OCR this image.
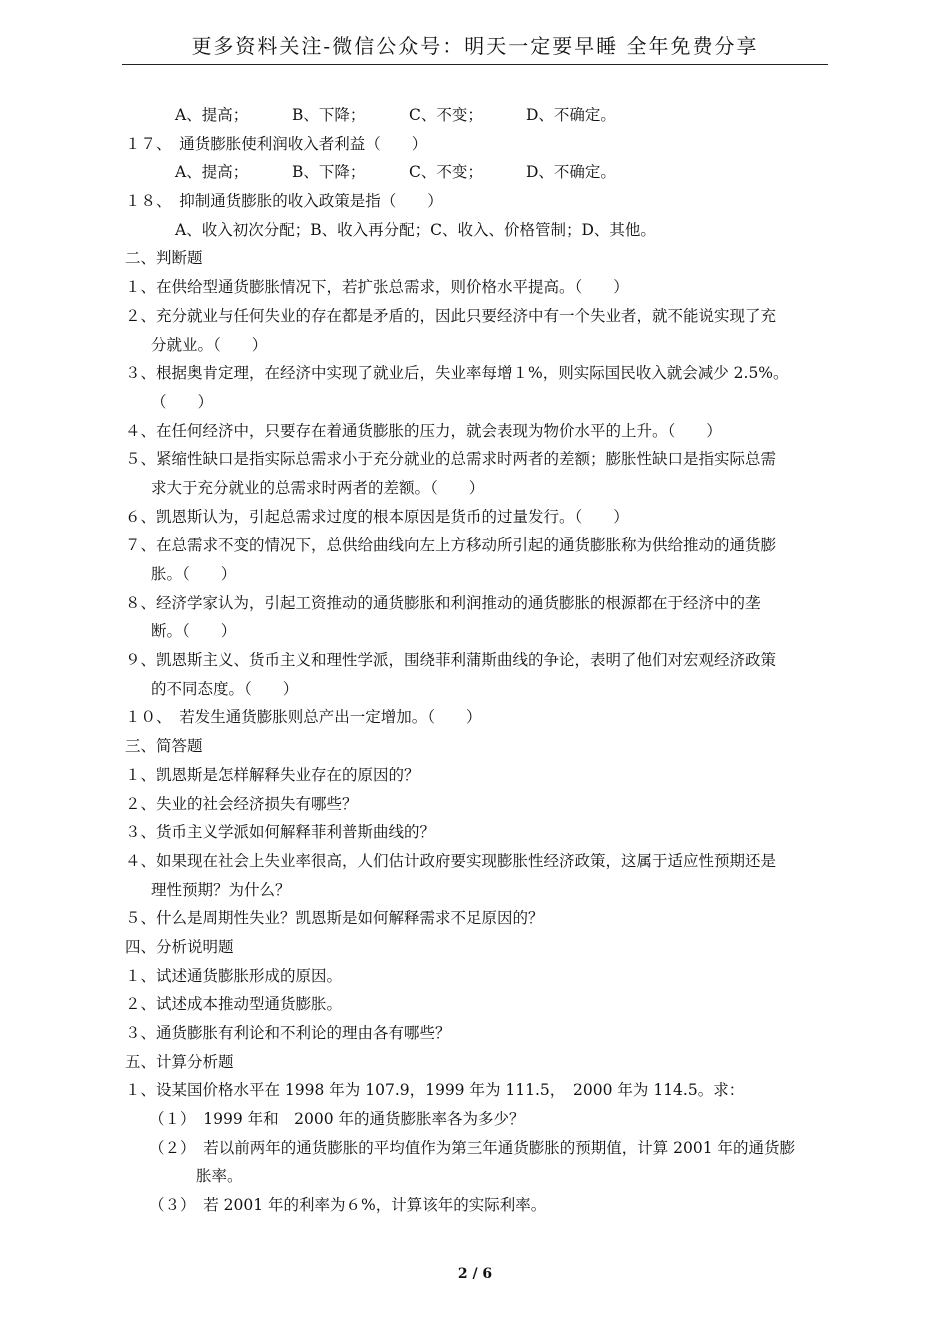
更多资料关注-微信公众号：明天一定要早睡 全年免费分享
A、提高；	B、下降；	C、不变；	D、不确定。
１７、　通货膨胀使利润收入者利益（　　）
A、提高；	B、下降；	C、不变；	D、不确定。
１８、　抑制通货膨胀的收入政策是指（　　）
A、收入初次分配；B、收入再分配；C、收入、价格管制；D、其他。
二、判断题
１、在供给型通货膨胀情况下，若扩张总需求，则价格水平提高。（　　）
２、充分就业与任何失业的存在都是矛盾的，因此只要经济中有一个失业者，就不能说实现了充
分就业。（　　）
３、根据奥肯定理，在经济中实现了就业后，失业率每增１%，则实际国民收入就会减少 2.5%。
（　　）
４、在任何经济中，只要存在着通货膨胀的压力，就会表现为物价水平的上升。（　　）
５、紧缩性缺口是指实际总需求小于充分就业的总需求时两者的差额；膨胀性缺口是指实际总需
求大于充分就业的总需求时两者的差额。（　　）
６、凯恩斯认为，引起总需求过度的根本原因是货币的过量发行。（　　）
７、在总需求不变的情况下，总供给曲线向左上方移动所引起的通货膨胀称为供给推动的通货膨
胀。（　　）
８、经济学家认为，引起工资推动的通货膨胀和利润推动的通货膨胀的根源都在于经济中的垄
断。（　　）
９、凯恩斯主义、货币主义和理性学派，围绕菲利蒲斯曲线的争论，表明了他们对宏观经济政策
的不同态度。（　　）
１０、　若发生通货膨胀则总产出一定增加。（　　）
三、简答题
１、凯恩斯是怎样解释失业存在的原因的？
２、失业的社会经济损失有哪些？
３、货币主义学派如何解释菲利普斯曲线的？
４、如果现在社会上失业率很高，人们估计政府要实现膨胀性经济政策，这属于适应性预期还是
理性预期？为什么？
５、什么是周期性失业？凯恩斯是如何解释需求不足原因的？
四、分析说明题
１、试述通货膨胀形成的原因。
２、试述成本推动型通货膨胀。
３、通货膨胀有利论和不利论的理由各有哪些？
五、计算分析题
１、设某国价格水平在 1998 年为 107.9，1999 年为 111.5，　2000 年为 114.5。求：
（１）　1999 年和　2000 年的通货膨胀率各为多少？
（２）　若以前两年的通货膨胀的平均值作为第三年通货膨胀的预期值，计算 2001 年的通货膨
胀率。
（３）　若 2001 年的利率为６%，计算该年的实际利率。
2 / 6
